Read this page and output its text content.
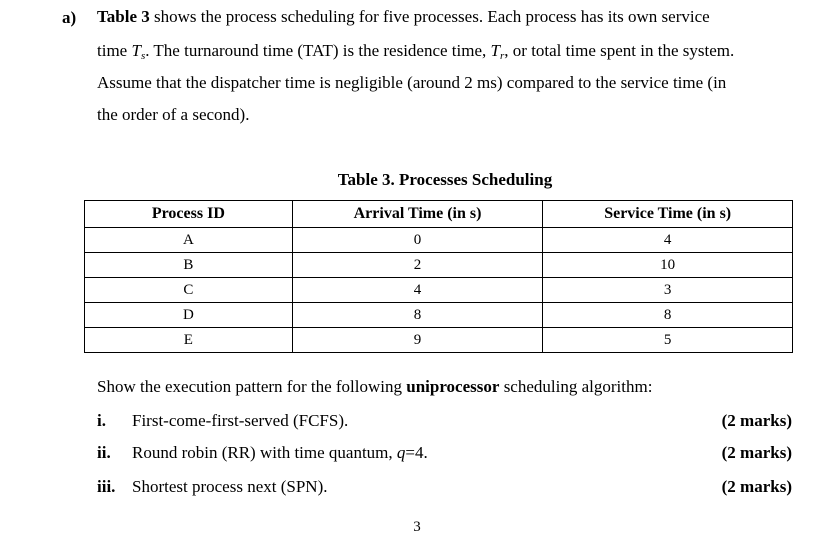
a) Table 3 shows the process scheduling for five processes. Each process has its own service
time $T_s$. The turnaround time (TAT) is the residence time, $T_r$, or total time spent in the system.
Assume that the dispatcher time is negligible (around 2 ms) compared to the service time (in
the order of a second).
Table 3. Processes Scheduling
Process ID	Arrival Time (in s)	Service Time (in s)
A	0	4
B	2	10
C	4	3
D	8	8
E	9	5
Show the execution pattern for the following uniprocessor scheduling algorithm:
i. First-come-first-served (FCFS).	(2 marks)
ii. Round robin (RR) with time quantum, q=4.	(2 marks)
iii. Shortest process next (SPN).	(2 marks)
3
